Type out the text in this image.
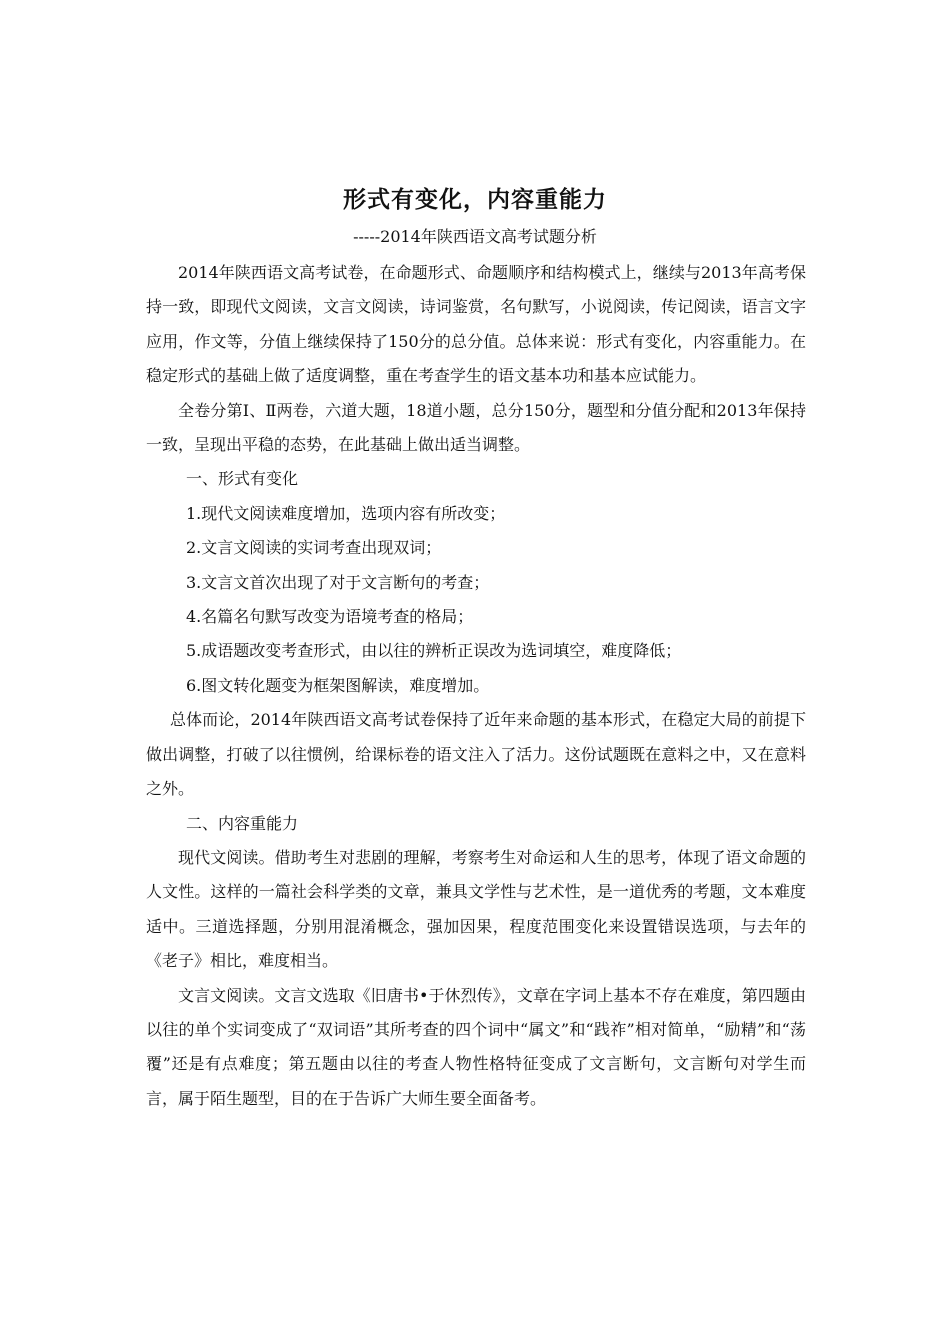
形式有变化，内容重能力
-----2014年陕西语文高考试题分析

2014年陕西语文高考试卷，在命题形式、命题顺序和结构模式上，继续与2013年高考保持一致，即现代文阅读，文言文阅读，诗词鉴赏，名句默写，小说阅读，传记阅读，语言文字应用，作文等，分值上继续保持了150分的总分值。总体来说：形式有变化，内容重能力。在稳定形式的基础上做了适度调整，重在考查学生的语文基本功和基本应试能力。

全卷分第Ⅰ、Ⅱ两卷，六道大题，18道小题，总分150分，题型和分值分配和2013年保持一致，呈现出平稳的态势，在此基础上做出适当调整。

一、形式有变化

1.现代文阅读难度增加，选项内容有所改变；

2.文言文阅读的实词考查出现双词；

3.文言文首次出现了对于文言断句的考查；

4.名篇名句默写改变为语境考查的格局；

5.成语题改变考查形式，由以往的辨析正误改为选词填空，难度降低；

6.图文转化题变为框架图解读，难度增加。

总体而论，2014年陕西语文高考试卷保持了近年来命题的基本形式，在稳定大局的前提下做出调整，打破了以往惯例，给课标卷的语文注入了活力。这份试题既在意料之中，又在意料之外。

二、内容重能力

现代文阅读。借助考生对悲剧的理解，考察考生对命运和人生的思考，体现了语文命题的人文性。这样的一篇社会科学类的文章，兼具文学性与艺术性，是一道优秀的考题，文本难度适中。三道选择题，分别用混淆概念，强加因果，程度范围变化来设置错误选项，与去年的《老子》相比，难度相当。

文言文阅读。文言文选取《旧唐书•于休烈传》，文章在字词上基本不存在难度，第四题由以往的单个实词变成了“双词语”其所考查的四个词中“属文”和“践祚”相对简单，“励精”和“荡覆”还是有点难度；第五题由以往的考查人物性格特征变成了文言断句，文言断句对学生而言，属于陌生题型，目的在于告诉广大师生要全面备考。
